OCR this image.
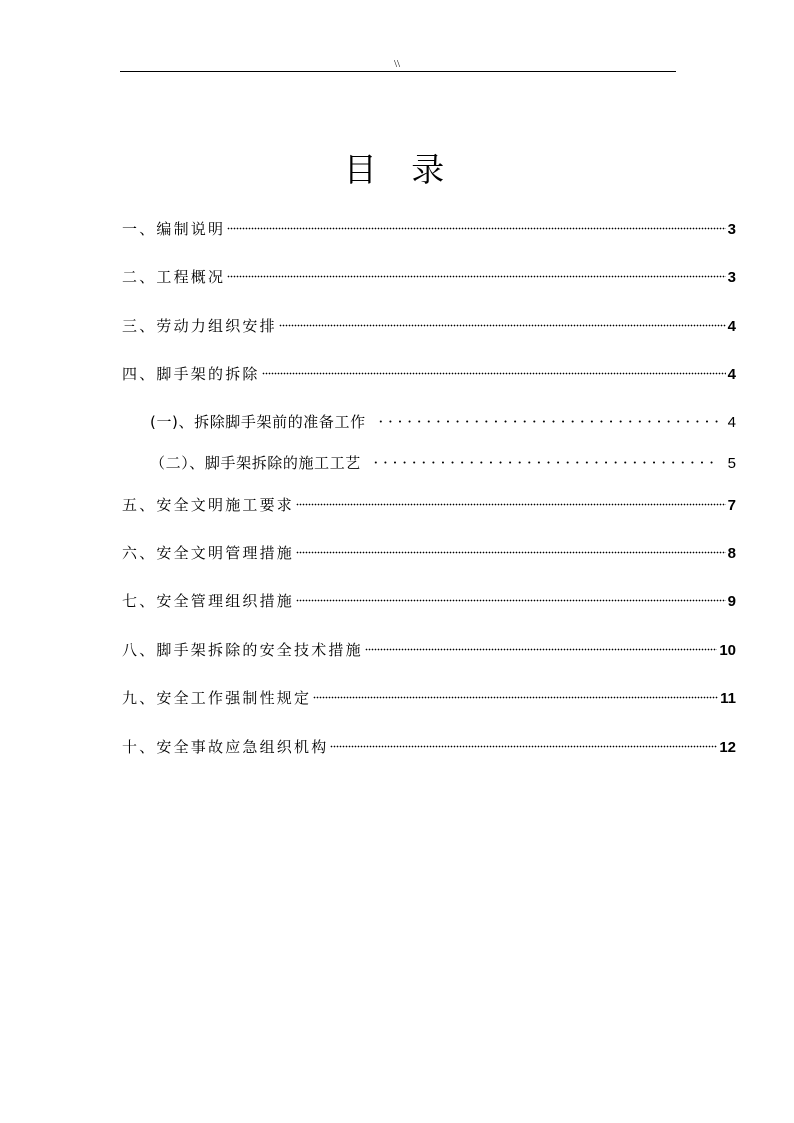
\\
目 录
一、编制说明	3
二、工程概况	3
三、劳动力组织安排	4
四、脚手架的拆除	4
(一)、拆除脚手架前的准备工作	4
（二）、脚手架拆除的施工工艺	5
五、安全文明施工要求	7
六、安全文明管理措施	8
七、安全管理组织措施	9
八、脚手架拆除的安全技术措施	10
九、安全工作强制性规定	11
十、安全事故应急组织机构	12
